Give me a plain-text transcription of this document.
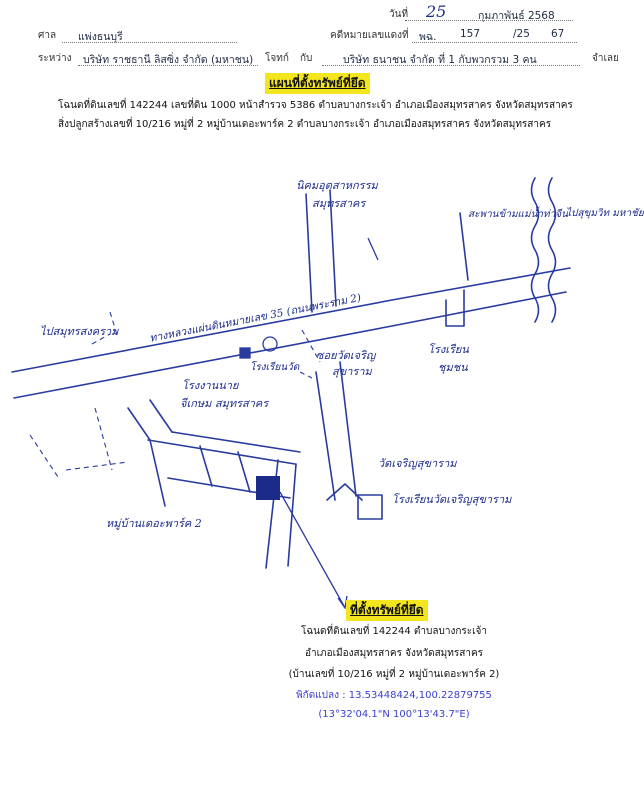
วันที่ 25	กุมภาพันธ์ 2568
ศาล แพ่งธนบุรี	คดีหมายเลขแดงที่ พฉ. 157	/25 67
ระหว่าง บริษัท ราชธานี ลิสซิ่ง จำกัด (มหาชน) โจทก์ กับ	บริษัท ธนาชน จำกัด ที่ 1 กับพวกรวม 3 คน	จำเลย
แผนที่ตั้งทรัพย์ที่ยึด
โฉนดที่ดินเลขที่ 142244 เลขที่ดิน 1000 หน้าสำรวจ 5386 ตำบลบางกระเจ้า อำเภอเมืองสมุทรสาคร จังหวัดสมุทรสาคร
สิ่งปลูกสร้างเลขที่ 10/216 หมู่ที่ 2 หมู่บ้านเดอะพาร์ค 2 ตำบลบางกระเจ้า อำเภอเมืองสมุทรสาคร จังหวัดสมุทรสาคร
นิคมอุตสาหกรรม
สมุทรสาคร
สะพานข้ามแม่น้ำท่าจีน
ไปสุขุมวิท มหาชัย
ไปสมุทรสงคราม	ทางหลวงแผ่นดินหมายเลข 35 (ถนนพระราม 2)
โรงเรียน
ชุมชน
ซอยวัดเจริญ
สุขาราม
โรงงานนาย
จีเกษม สมุทรสาคร
โรงเรียนวัด
วัดเจริญสุขาราม
โรงเรียนวัดเจริญสุขาราม
หมู่บ้านเดอะพาร์ค 2
ที่ตั้งทรัพย์ที่ยึด
โฉนดที่ดินเลขที่ 142244 ตำบลบางกระเจ้า
อำเภอเมืองสมุทรสาคร จังหวัดสมุทรสาคร
(บ้านเลขที่ 10/216 หมู่ที่ 2 หมู่บ้านเดอะพาร์ค 2)
พิกัดแปลง : 13.53448424,100.22879755
(13°32'04.1"N 100°13'43.7"E)
